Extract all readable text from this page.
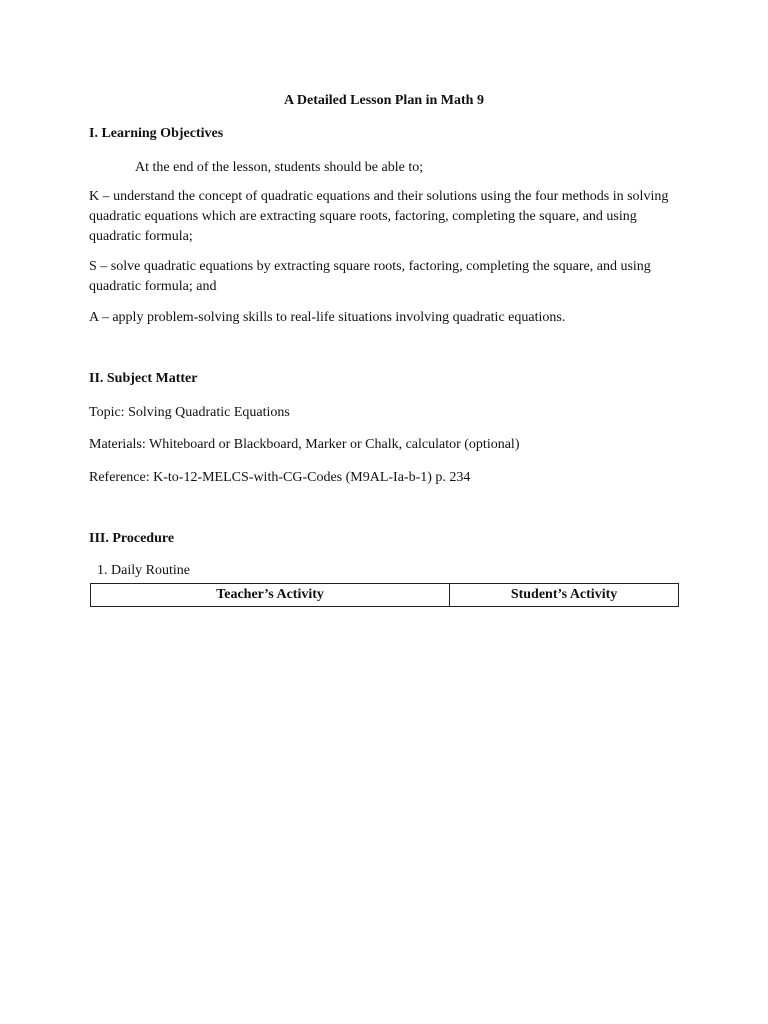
A Detailed Lesson Plan in Math 9
I. Learning Objectives
At the end of the lesson, students should be able to;
K – understand the concept of quadratic equations and their solutions using the four methods in solving quadratic equations which are extracting square roots, factoring, completing the square, and using quadratic formula;
S – solve quadratic equations by extracting square roots, factoring, completing the square, and using quadratic formula; and
A – apply problem-solving skills to real-life situations involving quadratic equations.
II. Subject Matter
Topic: Solving Quadratic Equations
Materials: Whiteboard or Blackboard, Marker or Chalk, calculator (optional)
Reference: K-to-12-MELCS-with-CG-Codes (M9AL-Ia-b-1) p. 234
III. Procedure
1. Daily Routine
Teacher’s Activity	Student’s Activity
